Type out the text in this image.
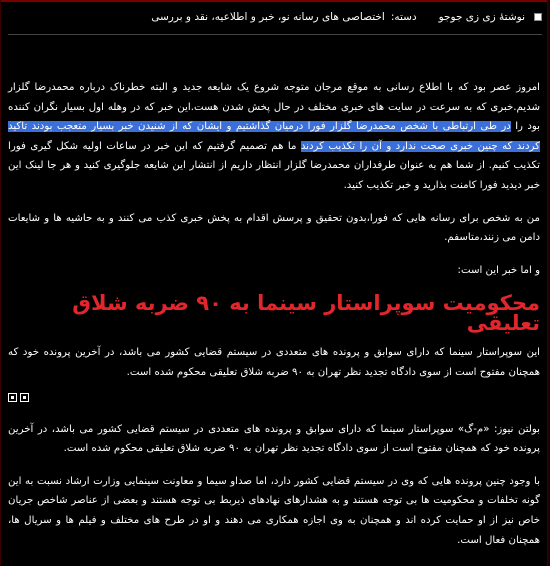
نوشتهٔ زی زی جوجو
دسته:
اختصاصی های رسانه نو، خبر و اطلاعیه، نقد و بررسی

امروز عصر بود که با اطلاع رسانی به موقع مرجان متوجه شروع یک شایعه جدید و البته خطرناک درباره محمدرضا گلزار شدیم.خبری که به سرعت در سایت های خبری مختلف در حال پخش شدن هست.این خبر که در وهله اول بسیار نگران کننده بود را در طی ارتباطی با شخص محمدرضا گلزار فورا درمیان گذاشتیم و ایشان که از شنیدن خبر بسیار متعجب بودند تاکید کردند که چنین خبری صحت ندارد و آن را تکذیب کردند ما هم تصمیم گرفتیم که این خبر در ساعات اولیه شکل گیری فورا تکذیب کنیم. از شما هم به عنوان طرفداران محمدرضا گلزار انتظار داریم از انتشار این شایعه جلوگیری کنید و هر جا لینک این خبر دیدید فورا کامنت بذارید و خبر تکذیب کنید.

من به شخص برای رسانه هایی که فورا،بدون تحقیق و پرسش اقدام به پخش خبری کذب می کنند و به حاشیه ها و شایعات دامن می زنند،متاسفم.

و اما خبر این است:

محکومیت سوپراستار سینما به ۹۰ ضربه شلاق تعلیقی

این سوپراستار سینما که دارای سوابق و پرونده های متعددی در سیستم قضایی کشور می باشد، در آخرین پرونده خود که همچنان مفتوح است از سوی دادگاه تجدید نظر تهران به ۹۰ ضربه شلاق تعلیقی محکوم شده است.

بولتن نیوز: «م-گ» سوپراستار سینما که دارای سوابق و پرونده های متعددی در سیستم قضایی کشور می باشد، در آخرین پرونده خود که همچنان مفتوح است از سوی دادگاه تجدید نظر تهران به ۹۰ ضربه شلاق تعلیقی محکوم شده است.

با وجود چنین پرونده هایی که وی در سیستم قضایی کشور دارد، اما صداو سیما و معاونت سینمایی وزارت ارشاد نسبت به این گونه تخلفات و محکومیت ها بی توجه هستند و به هشدارهای نهادهای ذیربط بی توجه هستند و بعضی از عناصر شاخص جریان خاص نیز از او حمایت کرده اند و همچنان به وی اجازه همکاری می دهند و او در طرح های مختلف و فیلم ها و سریال ها، همچنان فعال است.
